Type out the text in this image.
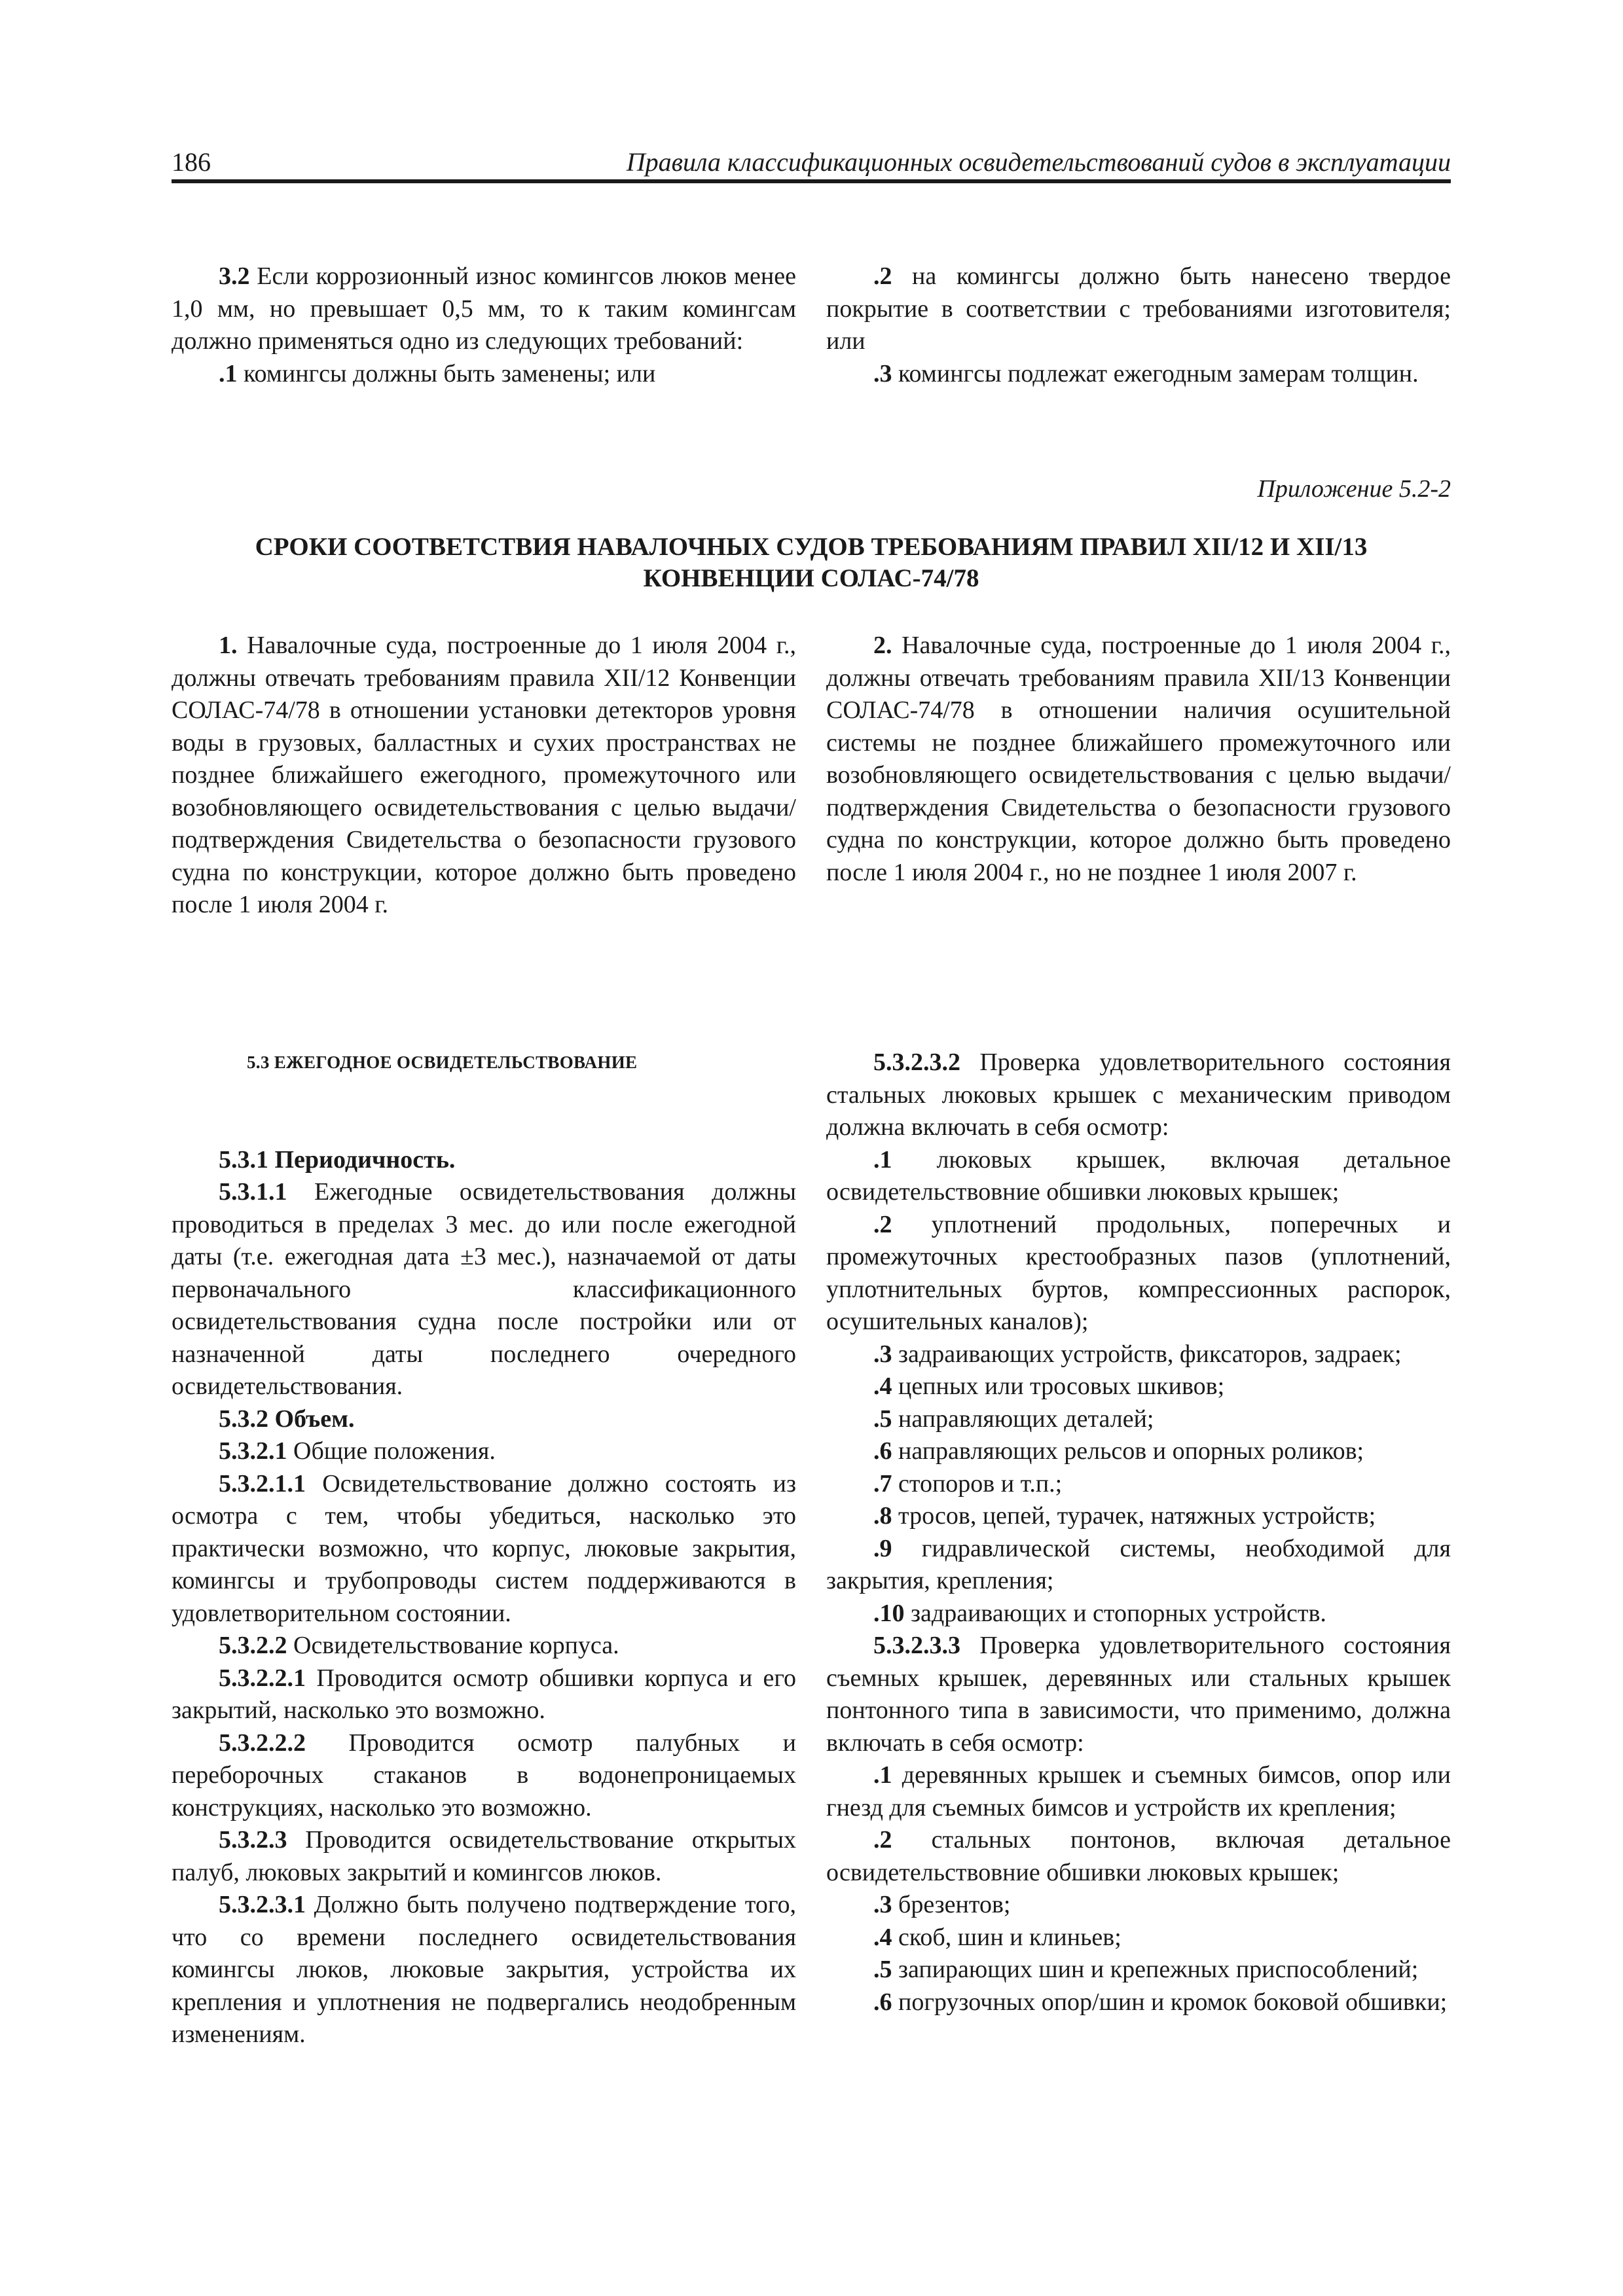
186	Правила классификационных освидетельствований судов в эксплуатации

3.2 Если коррозионный износ комингсов люков менее 1,0 мм, но превышает 0,5 мм, то к таким комингсам должно применяться одно из следующих требований:

.1 комингсы должны быть заменены; или

.2 на комингсы должно быть нанесено твердое покрытие в соответствии с требованиями изготовителя; или

.3 комингсы подлежат ежегодным замерам толщин.

Приложение 5.2-2
СРОКИ СООТВЕТСТВИЯ НАВАЛОЧНЫХ СУДОВ ТРЕБОВАНИЯМ ПРАВИЛ XII/12 И XII/13
КОНВЕНЦИИ СОЛАС-74/78

1. Навалочные суда, построенные до 1 июля 2004 г., должны отвечать требованиям правила XII/12 Конвенции СОЛАС-74/78 в отношении установки детекторов уровня воды в грузовых, балластных и сухих пространствах не позднее ближайшего ежегодного, промежуточного или возобновляющего освидетельствования с целью выдачи/подтверждения Свидетельства о безопасности грузового судна по конструкции, которое должно быть проведено после 1 июля 2004 г.

2. Навалочные суда, построенные до 1 июля 2004 г., должны отвечать требованиям правила XII/13 Конвенции СОЛАС-74/78 в отношении наличия осушительной системы не позднее ближайшего промежуточного или возобновляющего освидетельствования с целью выдачи/подтверждения Свидетельства о безопасности грузового судна по конструкции, которое должно быть проведено после 1 июля 2004 г., но не позднее 1 июля 2007 г.

5.3 ЕЖЕГОДНОЕ ОСВИДЕТЕЛЬСТВОВАНИЕ

5.3.1 Периодичность.

5.3.1.1 Ежегодные освидетельствования должны проводиться в пределах 3 мес. до или после ежегодной даты (т.е. ежегодная дата ±3 мес.), назначаемой от даты первоначального классификационного освидетельствования судна после постройки или от назначенной даты последнего очередного освидетельствования.

5.3.2 Объем.

5.3.2.1 Общие положения.

5.3.2.1.1 Освидетельствование должно состоять из осмотра с тем, чтобы убедиться, насколько это практически возможно, что корпус, люковые закрытия, комингсы и трубопроводы систем поддерживаются в удовлетворительном состоянии.

5.3.2.2 Освидетельствование корпуса.

5.3.2.2.1 Проводится осмотр обшивки корпуса и его закрытий, насколько это возможно.

5.3.2.2.2 Проводится осмотр палубных и переборочных стаканов в водонепроницаемых конструкциях, насколько это возможно.

5.3.2.3 Проводится освидетельствование открытых палуб, люковых закрытий и комингсов люков.

5.3.2.3.1 Должно быть получено подтверждение того, что со времени последнего освидетельствования комингсы люков, люковые закрытия, устройства их крепления и уплотнения не подвергались неодобренным изменениям.

5.3.2.3.2 Проверка удовлетворительного состояния стальных люковых крышек с механическим приводом должна включать в себя осмотр:

.1 люковых крышек, включая детальное освидетельствовние обшивки люковых крышек;

.2 уплотнений продольных, поперечных и промежуточных крестообразных пазов (уплотнений, уплотнительных буртов, компрессионных распорок, осушительных каналов);

.3 задраивающих устройств, фиксаторов, задраек;

.4 цепных или тросовых шкивов;

.5 направляющих деталей;

.6 направляющих рельсов и опорных роликов;

.7 стопоров и т.п.;

.8 тросов, цепей, турачек, натяжных устройств;

.9 гидравлической системы, необходимой для закрытия, крепления;

.10 задраивающих и стопорных устройств.

5.3.2.3.3 Проверка удовлетворительного состояния съемных крышек, деревянных или стальных крышек понтонного типа в зависимости, что применимо, должна включать в себя осмотр:

.1 деревянных крышек и съемных бимсов, опор или гнезд для съемных бимсов и устройств их крепления;

.2 стальных понтонов, включая детальное освидетельствовние обшивки люковых крышек;

.3 брезентов;

.4 скоб, шин и клиньев;

.5 запирающих шин и крепежных приспособлений;

.6 погрузочных опор/шин и кромок боковой обшивки;
